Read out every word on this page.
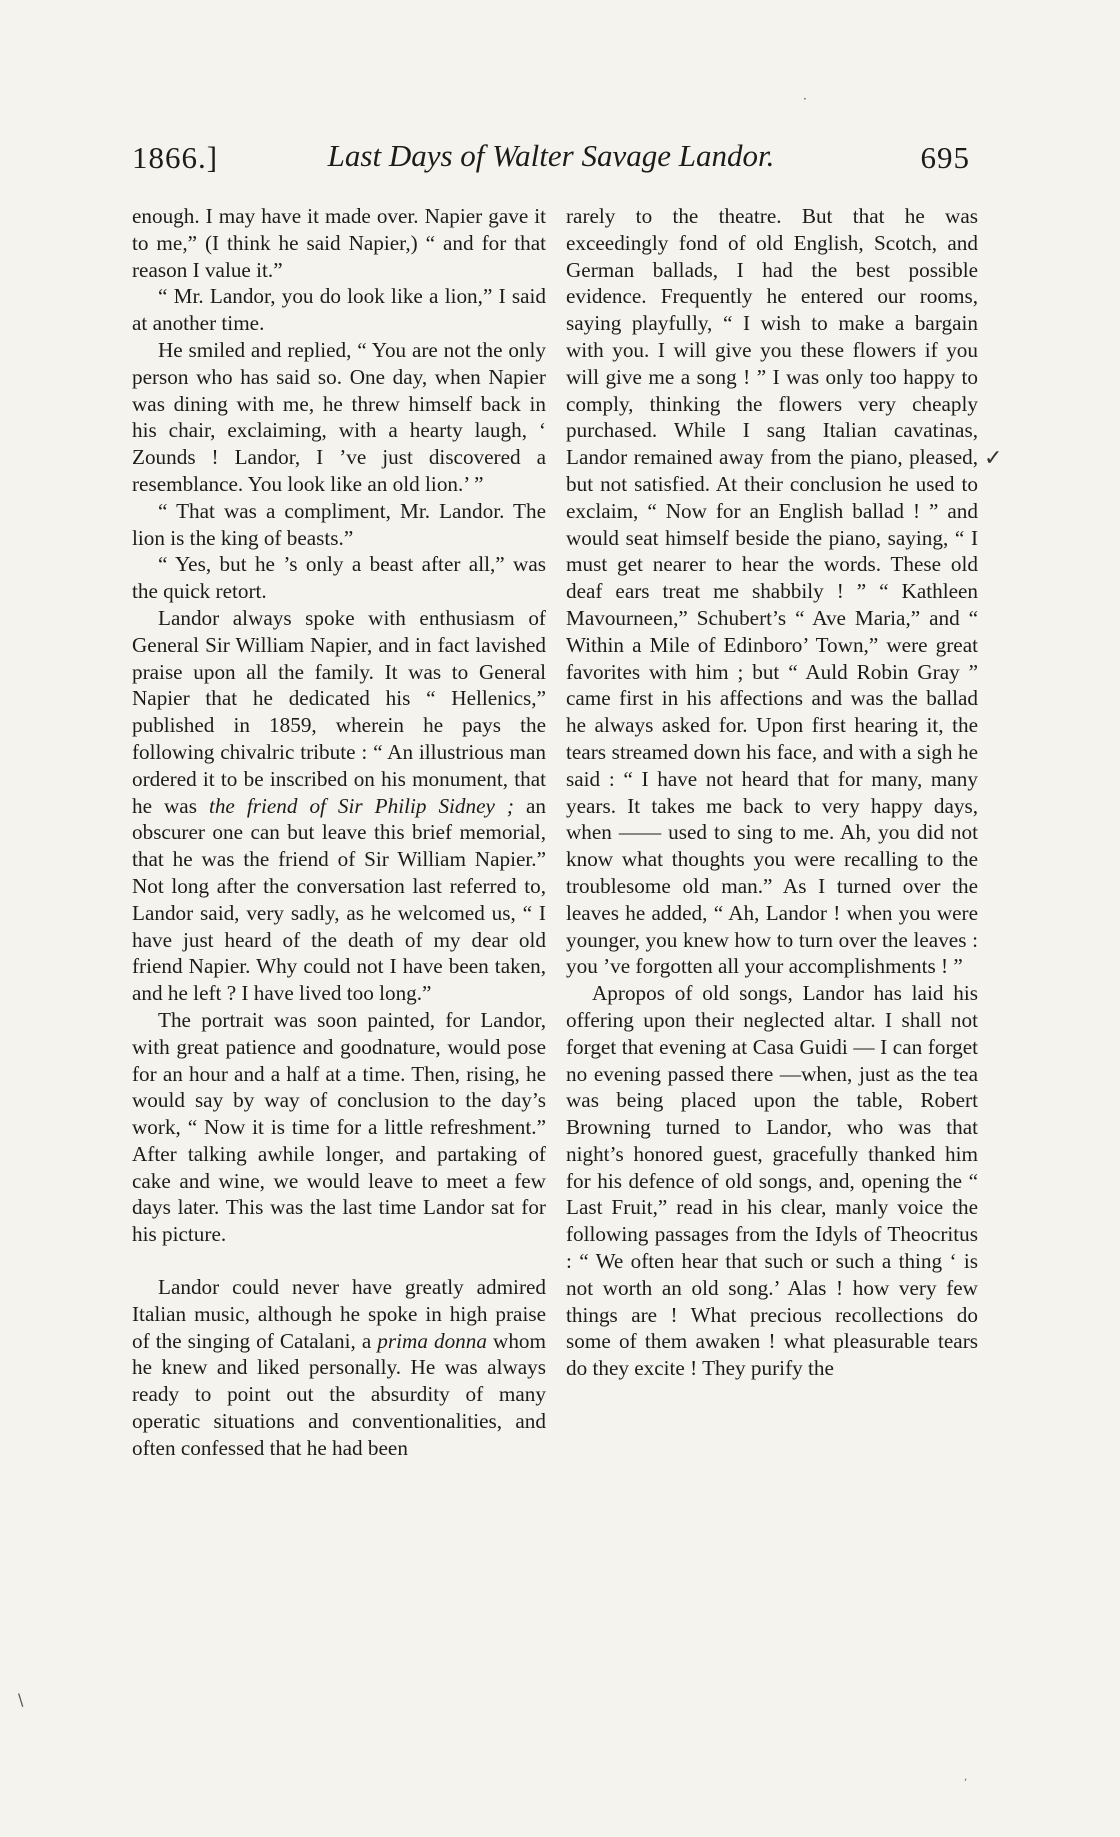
1866.]	Last Days of Walter Savage Landor.	695

enough. I may have it made over. Napier gave it to me,” (I think he said Napier,) “ and for that reason I value it.”

“ Mr. Landor, you do look like a lion,” I said at another time.

He smiled and replied, “ You are not the only person who has said so. One day, when Napier was dining with me, he threw himself back in his chair, exclaiming, with a hearty laugh, ‘ Zounds ! Landor, I ’ve just discovered a resemblance. You look like an old lion.’ ”

“ That was a compliment, Mr. Landor. The lion is the king of beasts.”

“ Yes, but he ’s only a beast after all,” was the quick retort.

Landor always spoke with enthusiasm of General Sir William Napier, and in fact lavished praise upon all the family. It was to General Napier that he dedicated his “ Hellenics,” published in 1859, wherein he pays the following chivalric tribute : “ An illustrious man ordered it to be inscribed on his monument, that he was the friend of Sir Philip Sidney ; an obscurer one can but leave this brief memorial, that he was the friend of Sir William Napier.” Not long after the conversation last referred to, Landor said, very sadly, as he welcomed us, “ I have just heard of the death of my dear old friend Napier. Why could not I have been taken, and he left ? I have lived too long.”

The portrait was soon painted, for Landor, with great patience and goodnature, would pose for an hour and a half at a time. Then, rising, he would say by way of conclusion to the day’s work, “ Now it is time for a little refreshment.” After talking awhile longer, and partaking of cake and wine, we would leave to meet a few days later. This was the last time Landor sat for his picture.

Landor could never have greatly admired Italian music, although he spoke in high praise of the singing of Catalani, a prima donna whom he knew and liked personally. He was always ready to point out the absurdity of many operatic situations and conventionalities, and often confessed that he had been

rarely to the theatre. But that he was exceedingly fond of old English, Scotch, and German ballads, I had the best possible evidence. Frequently he entered our rooms, saying playfully, “ I wish to make a bargain with you. I will give you these flowers if you will give me a song ! ” I was only too happy to comply, thinking the flowers very cheaply purchased. While I sang Italian cavatinas, Landor remained away from the piano, pleased, but not satisfied. At their conclusion he used to exclaim, “ Now for an English ballad ! ” and would seat himself beside the piano, saying, “ I must get nearer to hear the words. These old deaf ears treat me shabbily ! ” “ Kathleen Mavourneen,” Schubert’s “ Ave Maria,” and “ Within a Mile of Edinboro’ Town,” were great favorites with him ; but “ Auld Robin Gray ” came first in his affections and was the ballad he always asked for. Upon first hearing it, the tears streamed down his face, and with a sigh he said : “ I have not heard that for many, many years. It takes me back to very happy days, when —— used to sing to me. Ah, you did not know what thoughts you were recalling to the troublesome old man.” As I turned over the leaves he added, “ Ah, Landor ! when you were younger, you knew how to turn over the leaves : you ’ve forgotten all your accomplishments ! ”

Apropos of old songs, Landor has laid his offering upon their neglected altar. I shall not forget that evening at Casa Guidi — I can forget no evening passed there —when, just as the tea was being placed upon the table, Robert Browning turned to Landor, who was that night’s honored guest, gracefully thanked him for his defence of old songs, and, opening the “ Last Fruit,” read in his clear, manly voice the following passages from the Idyls of Theocritus : “ We often hear that such or such a thing ‘ is not worth an old song.’ Alas ! how very few things are ! What precious recollections do some of them awaken ! what pleasurable tears do they excite ! They purify the

✓
·
\
,
